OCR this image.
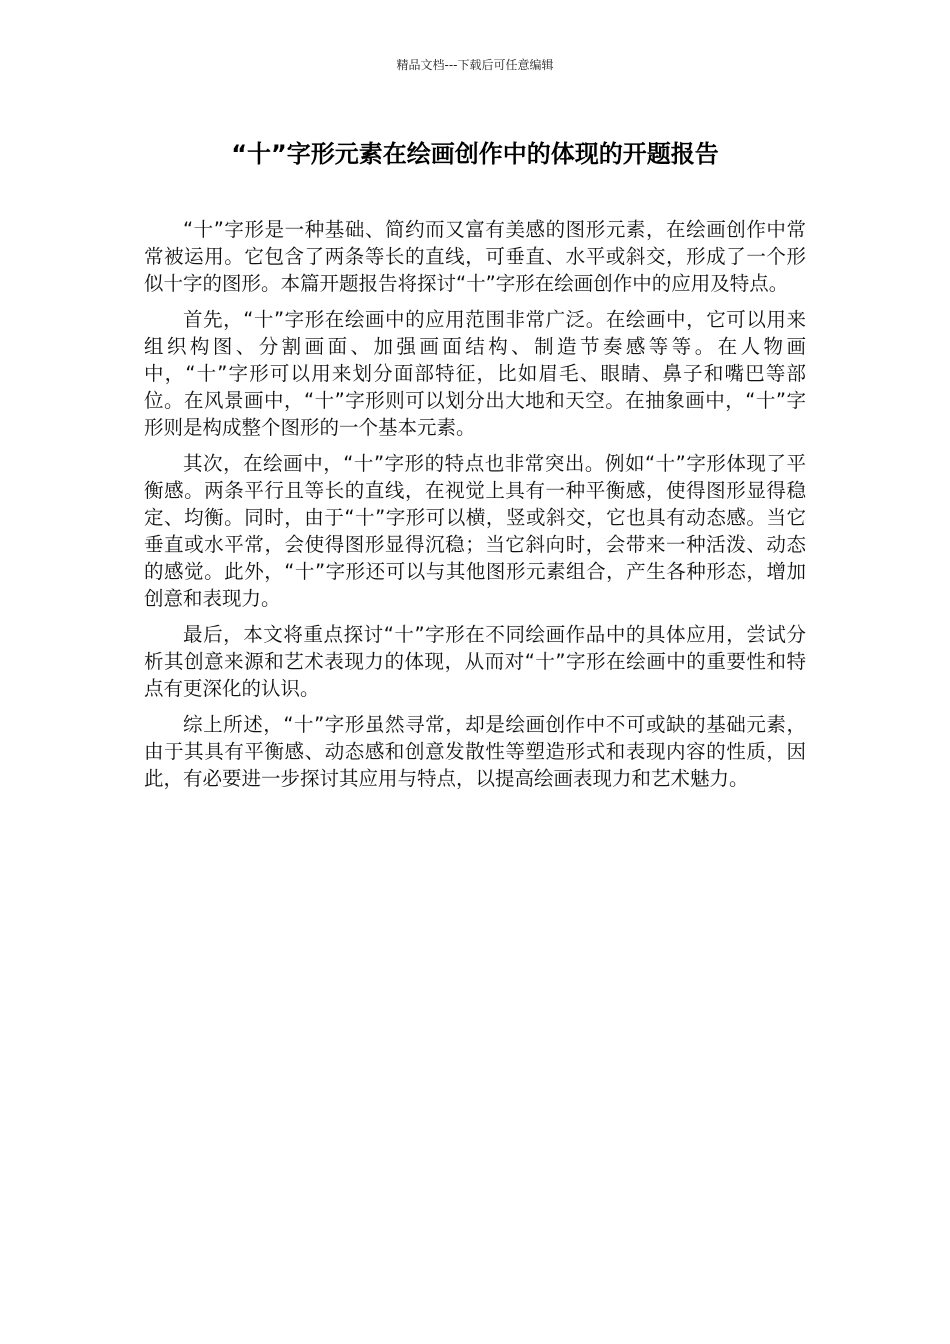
精品文档---下载后可任意编辑
“十”字形元素在绘画创作中的体现的开题报告

“十”字形是一种基础、简约而又富有美感的图形元素，在绘画创作中常常被运用。它包含了两条等长的直线，可垂直、水平或斜交，形成了一个形似十字的图形。本篇开题报告将探讨“十”字形在绘画创作中的应用及特点。

首先，“十”字形在绘画中的应用范围非常广泛。在绘画中，它可以用来组织构图、分割画面、加强画面结构、制造节奏感等等。在人物画中，“十”字形可以用来划分面部特征，比如眉毛、眼睛、鼻子和嘴巴等部位。在风景画中，“十”字形则可以划分出大地和天空。在抽象画中，“十”字形则是构成整个图形的一个基本元素。

其次，在绘画中，“十”字形的特点也非常突出。例如“十”字形体现了平衡感。两条平行且等长的直线，在视觉上具有一种平衡感，使得图形显得稳定、均衡。同时，由于“十”字形可以横，竖或斜交，它也具有动态感。当它垂直或水平常，会使得图形显得沉稳；当它斜向时，会带来一种活泼、动态的感觉。此外，“十”字形还可以与其他图形元素组合，产生各种形态，增加创意和表现力。

最后，本文将重点探讨“十”字形在不同绘画作品中的具体应用，尝试分析其创意来源和艺术表现力的体现，从而对“十”字形在绘画中的重要性和特点有更深化的认识。

综上所述，“十”字形虽然寻常，却是绘画创作中不可或缺的基础元素，由于其具有平衡感、动态感和创意发散性等塑造形式和表现内容的性质，因此，有必要进一步探讨其应用与特点，以提高绘画表现力和艺术魅力。
